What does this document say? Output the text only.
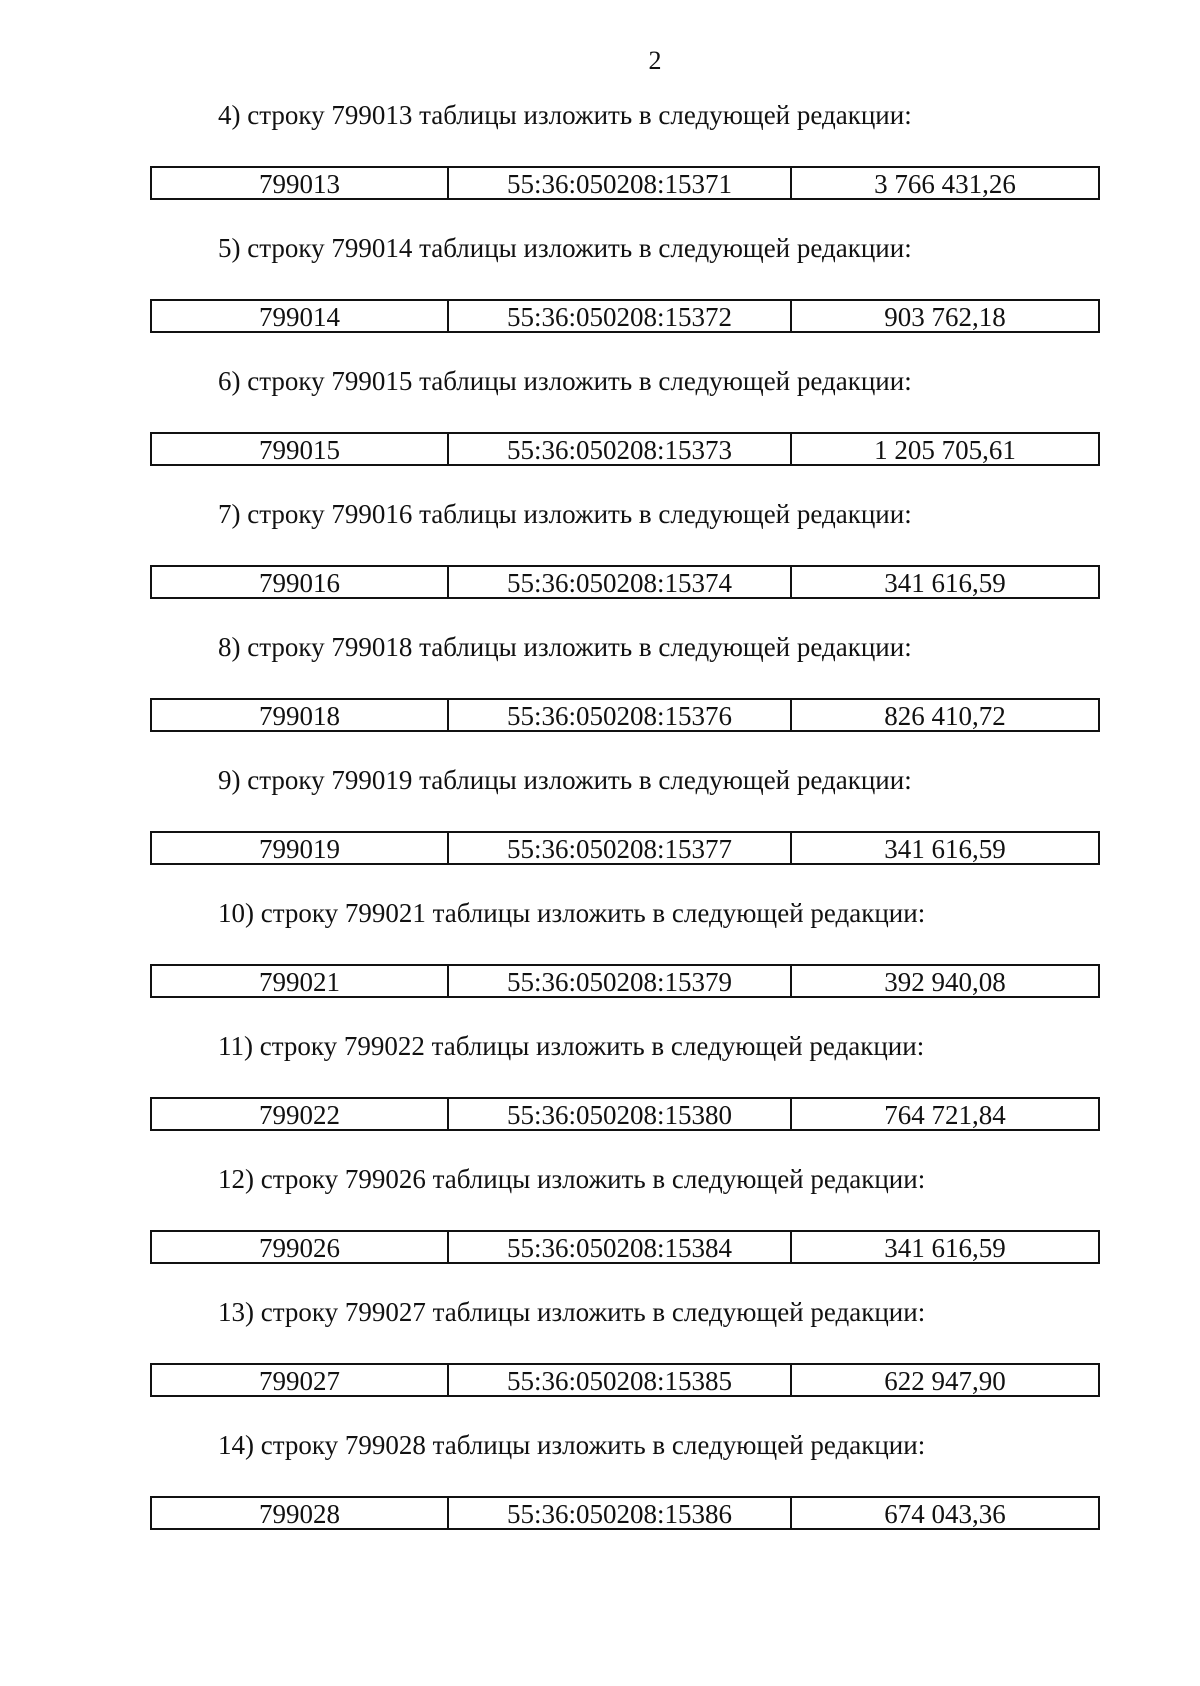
2
4) строку 799013 таблицы изложить в следующей редакции:
799013	55:36:050208:15371	3 766 431,26
5) строку 799014 таблицы изложить в следующей редакции:
799014	55:36:050208:15372	903 762,18
6) строку 799015 таблицы изложить в следующей редакции:
799015	55:36:050208:15373	1 205 705,61
7) строку 799016 таблицы изложить в следующей редакции:
799016	55:36:050208:15374	341 616,59
8) строку 799018 таблицы изложить в следующей редакции:
799018	55:36:050208:15376	826 410,72
9) строку 799019 таблицы изложить в следующей редакции:
799019	55:36:050208:15377	341 616,59
10) строку 799021 таблицы изложить в следующей редакции:
799021	55:36:050208:15379	392 940,08
11) строку 799022 таблицы изложить в следующей редакции:
799022	55:36:050208:15380	764 721,84
12) строку 799026 таблицы изложить в следующей редакции:
799026	55:36:050208:15384	341 616,59
13) строку 799027 таблицы изложить в следующей редакции:
799027	55:36:050208:15385	622 947,90
14) строку 799028 таблицы изложить в следующей редакции:
799028	55:36:050208:15386	674 043,36
